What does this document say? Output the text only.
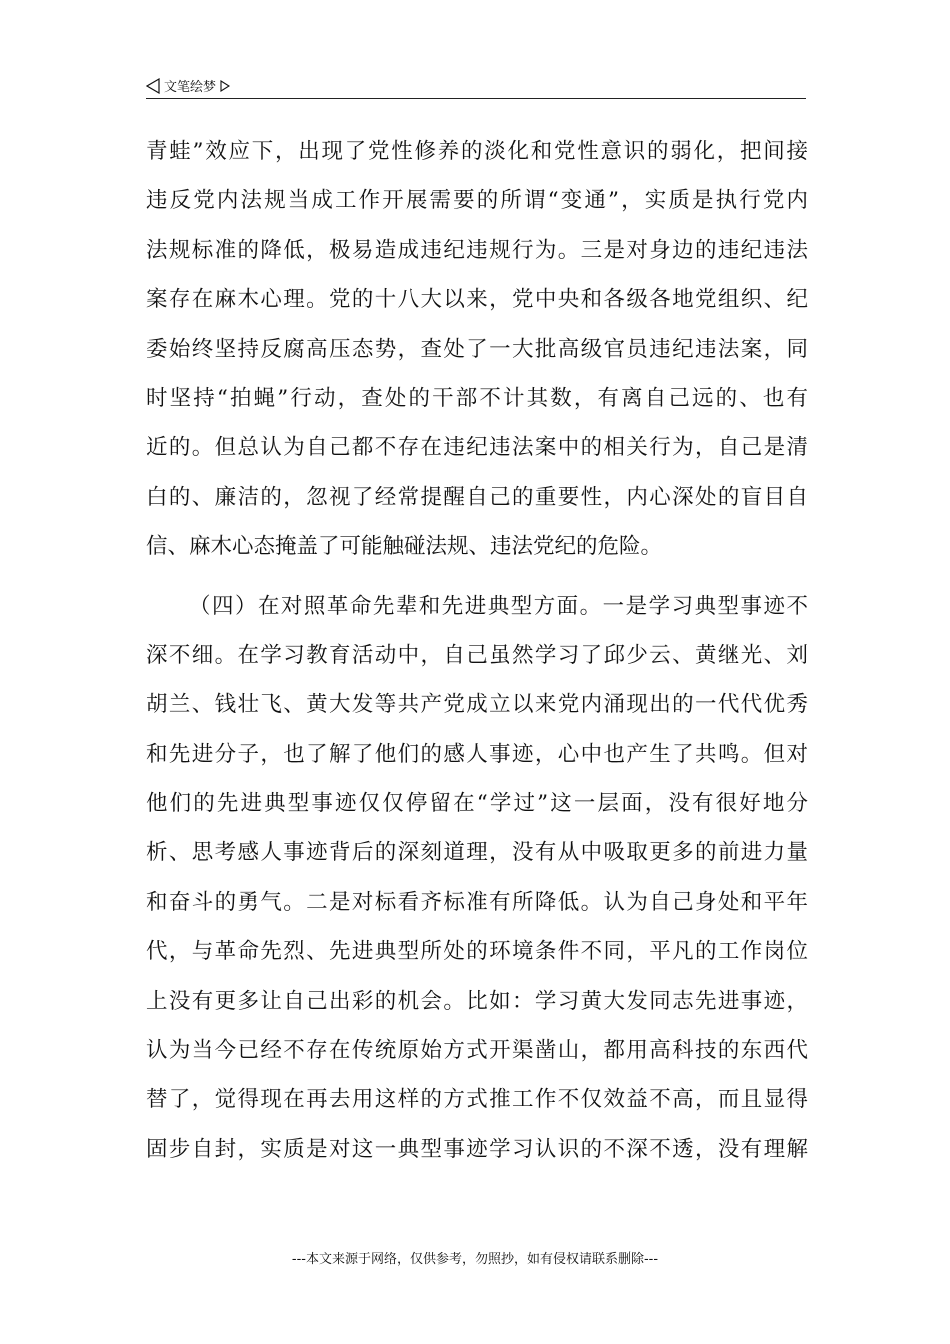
文笔绘梦
青蛙”效应下，出现了党性修养的淡化和党性意识的弱化，把间接
违反党内法规当成工作开展需要的所谓“变通”，实质是执行党内
法规标准的降低，极易造成违纪违规行为。三是对身边的违纪违法
案存在麻木心理。党的十八大以来，党中央和各级各地党组织、纪
委始终坚持反腐高压态势，查处了一大批高级官员违纪违法案，同
时坚持“拍蝇”行动，查处的干部不计其数，有离自己远的、也有
近的。但总认为自己都不存在违纪违法案中的相关行为，自己是清
白的、廉洁的，忽视了经常提醒自己的重要性，内心深处的盲目自
信、麻木心态掩盖了可能触碰法规、违法党纪的危险。
（四）在对照革命先辈和先进典型方面。一是学习典型事迹不
深不细。在学习教育活动中，自己虽然学习了邱少云、黄继光、刘
胡兰、钱壮飞、黄大发等共产党成立以来党内涌现出的一代代优秀
和先进分子，也了解了他们的感人事迹，心中也产生了共鸣。但对
他们的先进典型事迹仅仅停留在“学过”这一层面，没有很好地分
析、思考感人事迹背后的深刻道理，没有从中吸取更多的前进力量
和奋斗的勇气。二是对标看齐标准有所降低。认为自己身处和平年
代，与革命先烈、先进典型所处的环境条件不同，平凡的工作岗位
上没有更多让自己出彩的机会。比如：学习黄大发同志先进事迹，
认为当今已经不存在传统原始方式开渠凿山，都用高科技的东西代
替了，觉得现在再去用这样的方式推工作不仅效益不高，而且显得
固步自封，实质是对这一典型事迹学习认识的不深不透，没有理解
---本文来源于网络，仅供参考，勿照抄，如有侵权请联系删除---
